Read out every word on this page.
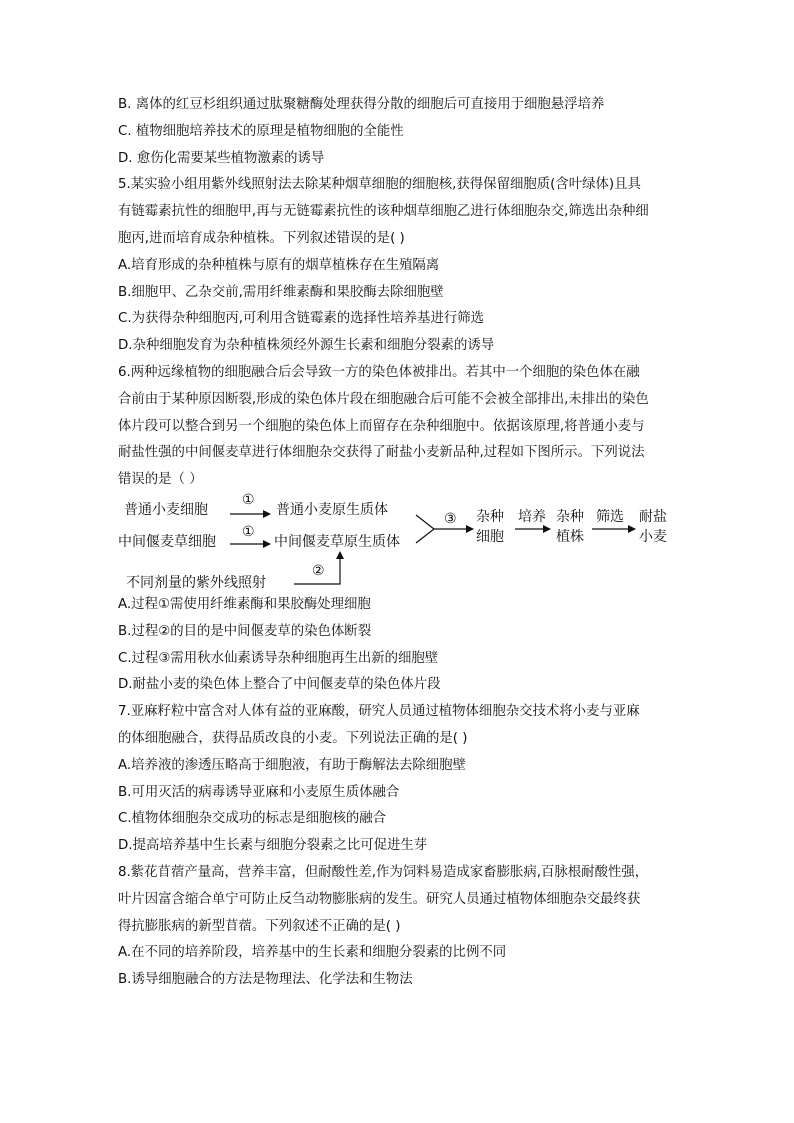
B. 离体的红豆杉组织通过肽聚糖酶处理获得分散的细胞后可直接用于细胞悬浮培养
C. 植物细胞培养技术的原理是植物细胞的全能性
D. 愈伤化需要某些植物激素的诱导
5.某实验小组用紫外线照射法去除某种烟草细胞的细胞核,获得保留细胞质(含叶绿体)且具
有链霉素抗性的细胞甲,再与无链霉素抗性的该种烟草细胞乙进行体细胞杂交,筛选出杂种细
胞丙,进而培育成杂种植株。下列叙述错误的是( )
A.培育形成的杂种植株与原有的烟草植株存在生殖隔离
B.细胞甲、乙杂交前,需用纤维素酶和果胶酶去除细胞壁
C.为获得杂种细胞丙,可利用含链霉素的选择性培养基进行筛选
D.杂种细胞发育为杂种植株须经外源生长素和细胞分裂素的诱导
6.两种远缘植物的细胞融合后会导致一方的染色体被排出。若其中一个细胞的染色体在融
合前由于某种原因断裂,形成的染色体片段在细胞融合后可能不会被全部排出,未排出的染色
体片段可以整合到另一个细胞的染色体上而留存在杂种细胞中。依据该原理,将普通小麦与
耐盐性强的中间偃麦草进行体细胞杂交获得了耐盐小麦新品种,过程如下图所示。下列说法
错误的是（ ）
普通小麦细胞
①
普通小麦原生质体
中间偃麦草细胞
①
中间偃麦草原生质体
不同剂量的紫外线照射
②
③ 杂种
细胞
培养 杂种
植株
筛选 耐盐
小麦
A.过程①需使用纤维素酶和果胶酶处理细胞
B.过程②的目的是中间偃麦草的染色体断裂
C.过程③需用秋水仙素诱导杂种细胞再生出新的细胞壁
D.耐盐小麦的染色体上整合了中间偃麦草的染色体片段
7.亚麻籽粒中富含对人体有益的亚麻酸，研究人员通过植物体细胞杂交技术将小麦与亚麻
的体细胞融合，获得品质改良的小麦。下列说法正确的是( )
A.培养液的渗透压略高于细胞液，有助于酶解法去除细胞壁
B.可用灭活的病毒诱导亚麻和小麦原生质体融合
C.植物体细胞杂交成功的标志是细胞核的融合
D.提高培养基中生长素与细胞分裂素之比可促进生芽
8.紫花苜蓿产量高，营养丰富，但耐酸性差,作为饲料易造成家畜膨胀病,百脉根耐酸性强，
叶片因富含缩合单宁可防止反刍动物膨胀病的发生。研究人员通过植物体细胞杂交最终获
得抗膨胀病的新型苜蓿。下列叙述不正确的是( )
A.在不同的培养阶段，培养基中的生长素和细胞分裂素的比例不同
B.诱导细胞融合的方法是物理法、化学法和生物法
